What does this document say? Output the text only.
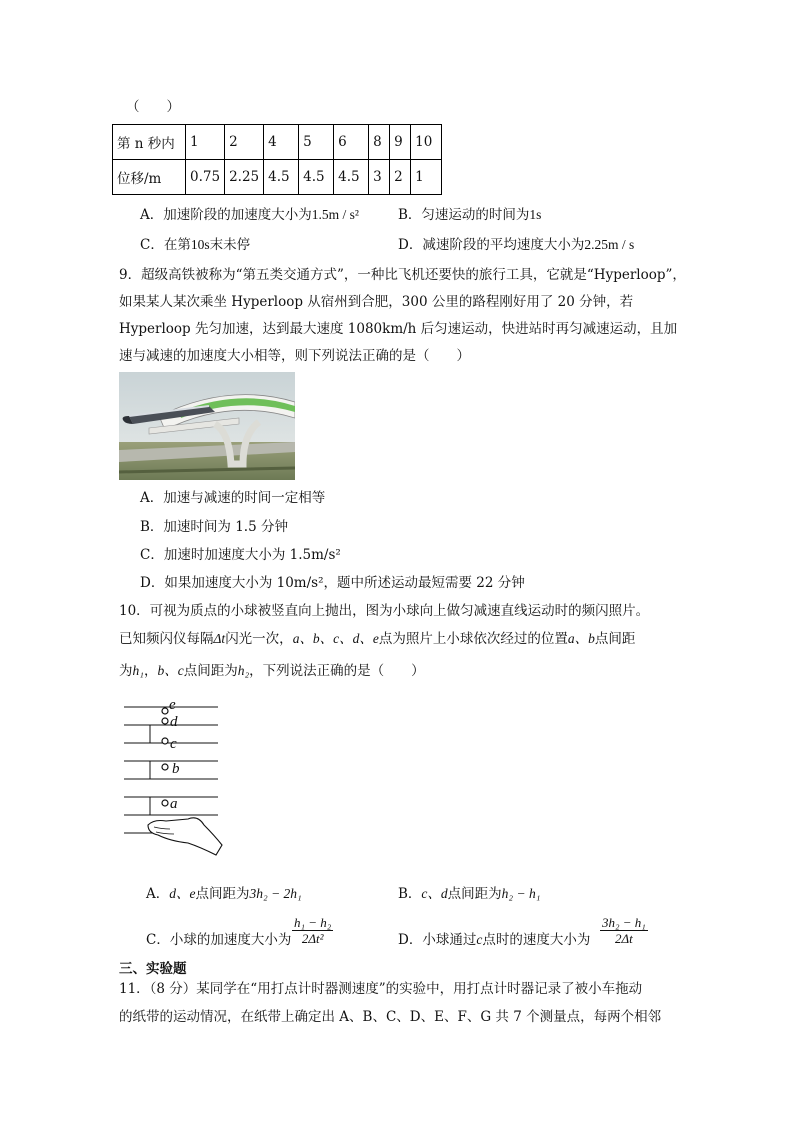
（　　）
第 n 秒内	1	2	4	5	6	8	9	10
位移/m	0.75	2.25	4.5	4.5	4.5	3	2	1
A．加速阶段的加速度大小为1.5m / s²	B．匀速运动的时间为1s
C．在第10s末未停	D．减速阶段的平均速度大小为2.25m / s
9．超级高铁被称为“第五类交通方式”，一种比飞机还要快的旅行工具，它就是“Hyperloop”，
如果某人某次乘坐 Hyperloop 从宿州到合肥，300 公里的路程刚好用了 20 分钟，若
Hyperloop 先匀加速，达到最大速度 1080km/h 后匀速运动，快进站时再匀减速运动，且加
速与减速的加速度大小相等，则下列说法正确的是（　　）
A．加速与减速的时间一定相等
B．加速时间为 1.5 分钟
C．加速时加速度大小为 1.5m/s²
D．如果加速度大小为 10m/s²，题中所述运动最短需要 22 分钟
10．可视为质点的小球被竖直向上抛出，图为小球向上做匀减速直线运动时的频闪照片。
已知频闪仪每隔Δt闪光一次，a、b、c、d、e点为照片上小球依次经过的位置a、b点间距
为h₁，b、c点间距为h₂，下列说法正确的是（　　）
e
d
c
b
a
A．d、e点间距为3h₂ − 2h₁	B．c、d点间距为h₂ − h₁
C．小球的加速度大小为 $\frac{\text{h₁ − h₂}}{\text{2Δt²}}$	D．小球通过c点时的速度大小为 $\frac{\text{3h₂ − h₁}}{2\Delta t}$
三、实验题
11．（8 分）某同学在“用打点计时器测速度”的实验中，用打点计时器记录了被小车拖动
的纸带的运动情况，在纸带上确定出 A、B、C、D、E、F、G 共 7 个测量点，每两个相邻
